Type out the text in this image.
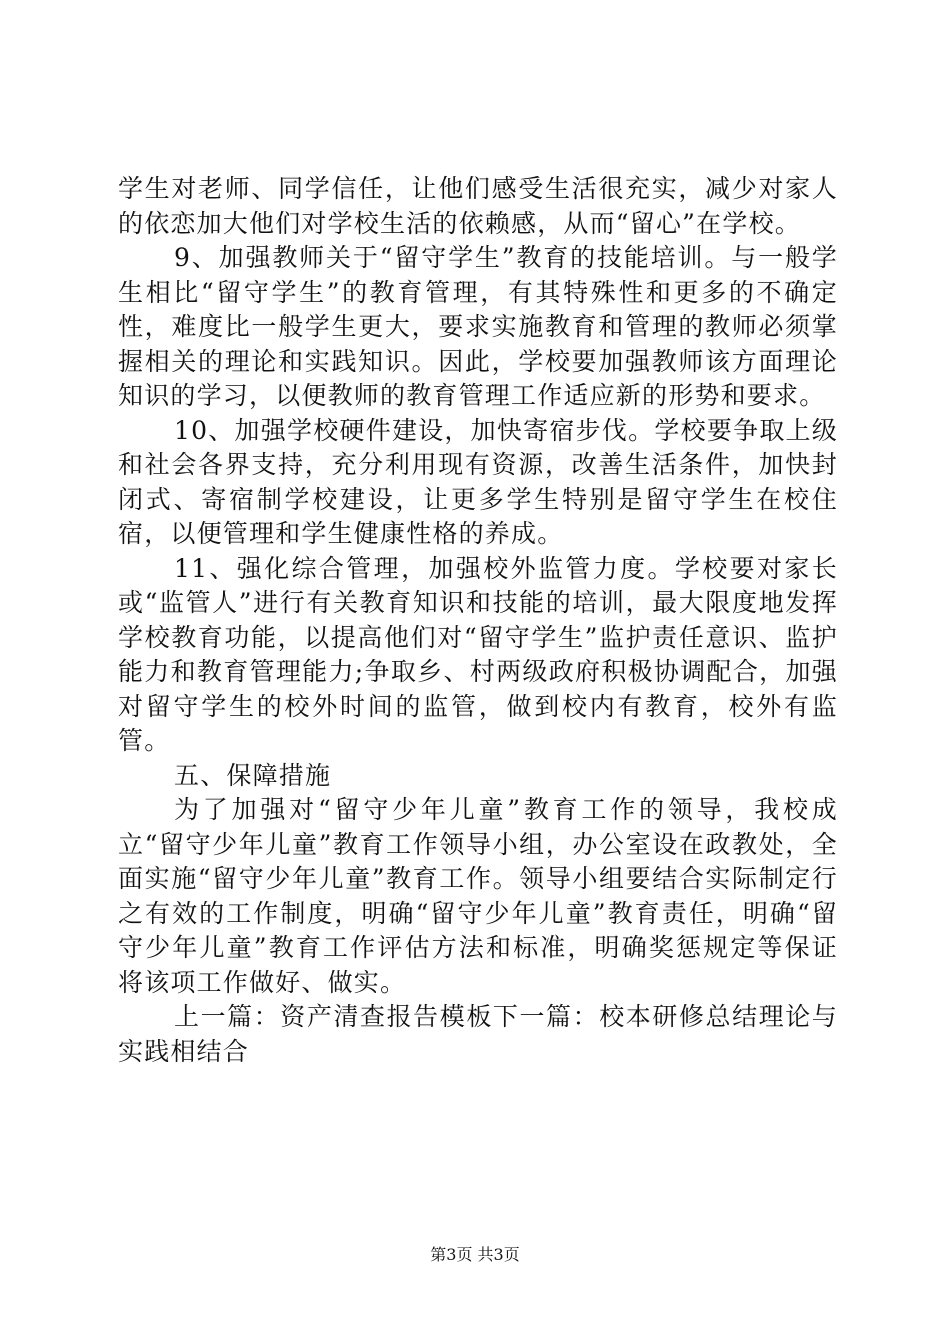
学生对老师、同学信任，让他们感受生活很充实，减少对家人的依恋加大他们对学校生活的依赖感，从而“留心”在学校。

9、加强教师关于“留守学生”教育的技能培训。与一般学生相比“留守学生”的教育管理，有其特殊性和更多的不确定性，难度比一般学生更大，要求实施教育和管理的教师必须掌握相关的理论和实践知识。因此，学校要加强教师该方面理论知识的学习，以便教师的教育管理工作适应新的形势和要求。

10、加强学校硬件建设，加快寄宿步伐。学校要争取上级和社会各界支持，充分利用现有资源，改善生活条件，加快封闭式、寄宿制学校建设，让更多学生特别是留守学生在校住宿，以便管理和学生健康性格的养成。

11、强化综合管理，加强校外监管力度。学校要对家长或“监管人”进行有关教育知识和技能的培训，最大限度地发挥学校教育功能，以提高他们对“留守学生”监护责任意识、监护能力和教育管理能力;争取乡、村两级政府积极协调配合，加强对留守学生的校外时间的监管，做到校内有教育，校外有监管。

五、保障措施

为了加强对“留守少年儿童”教育工作的领导，我校成立“留守少年儿童”教育工作领导小组，办公室设在政教处，全面实施“留守少年儿童”教育工作。领导小组要结合实际制定行之有效的工作制度，明确“留守少年儿童”教育责任，明确“留守少年儿童”教育工作评估方法和标准，明确奖惩规定等保证将该项工作做好、做实。

上一篇：资产清查报告模板下一篇：校本研修总结理论与实践相结合

第3页 共3页
